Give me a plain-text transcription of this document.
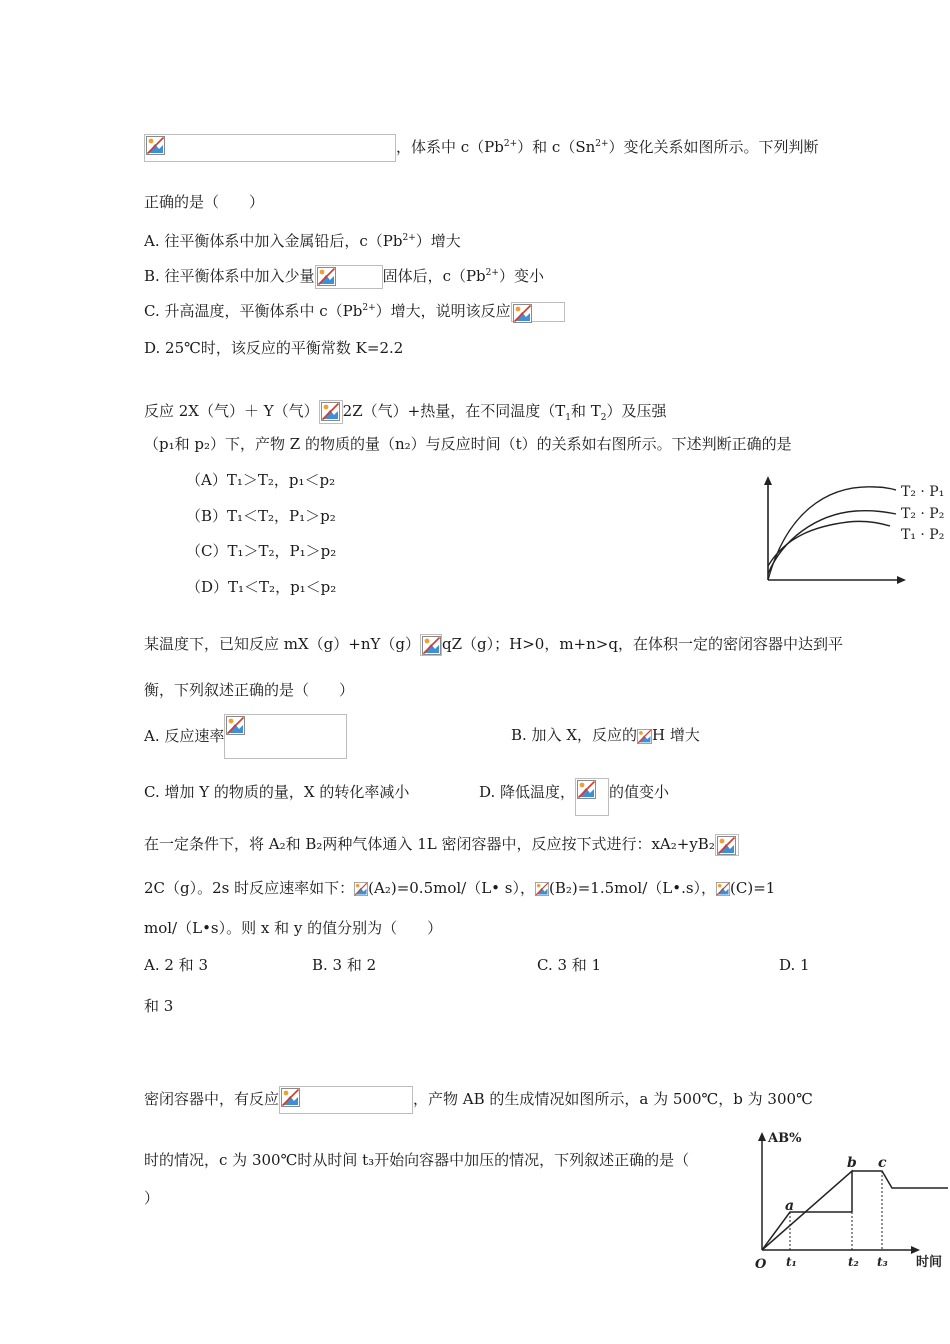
，体系中 $c(Pb^{2+})$和 $c(Sn^{2+})$变化关系如图所示。下列判断
正确的是（　　）
A. 往平衡体系中加入金属铅后，$c(Pb^{2+})$增大
B. 往平衡体系中加入少量	固体后，$c(Pb^{2+})$变小
C. 升高温度，平衡体系中 $c(Pb^{2+})$增大，说明该反应
D. 25℃时，该反应的平衡常数 K=2.2
反应 2X（气）＋ Y（气） 2Z（气）+热量，在不同温度（$T_1$和 $T_2$）及压强
（p₁和 p₂）下，产物 Z 的物质的量（n₂）与反应时间（t）的关系如右图所示。下述判断正确的是
（A）T₁＞T₂，p₁＜p₂
（B）T₁＜T₂，P₁＞p₂
（C）T₁＞T₂，P₁＞p₂
（D）T₁＜T₂，p₁＜p₂
T₂ · P₁
T₂ · P₂
T₁ · P₂
某温度下，已知反应 mX（g）+nY（g） qZ（g）；H>0，m+n>q，在体积一定的密闭容器中达到平
衡，下列叙述正确的是（　　）
A. 反应速率	B. 加入 X，反应的 H 增大
C. 增加 Y 的物质的量，X 的转化率减小	D. 降低温度， 的值变小
在一定条件下，将 A₂和 B₂两种气体通入 1L 密闭容器中，反应按下式进行：xA₂+yB₂
2C（g）。2s 时反应速率如下： (A₂)=0.5mol/（L• s）， (B₂)=1.5mol/（L•.s）， (C)=1
mol/（L•s）。则 x 和 y 的值分别为（　　）
A. 2 和 3	B. 3 和 2	C. 3 和 1	D. 1
和 3
密闭容器中，有反应	，产物 AB 的生成情况如图所示，a 为 500℃，b 为 300℃
时的情况，c 为 300℃时从时间 t₃开始向容器中加压的情况，下列叙述正确的是（
）
AB%
时间
O
a
b c
t₁	t₂ t₃
